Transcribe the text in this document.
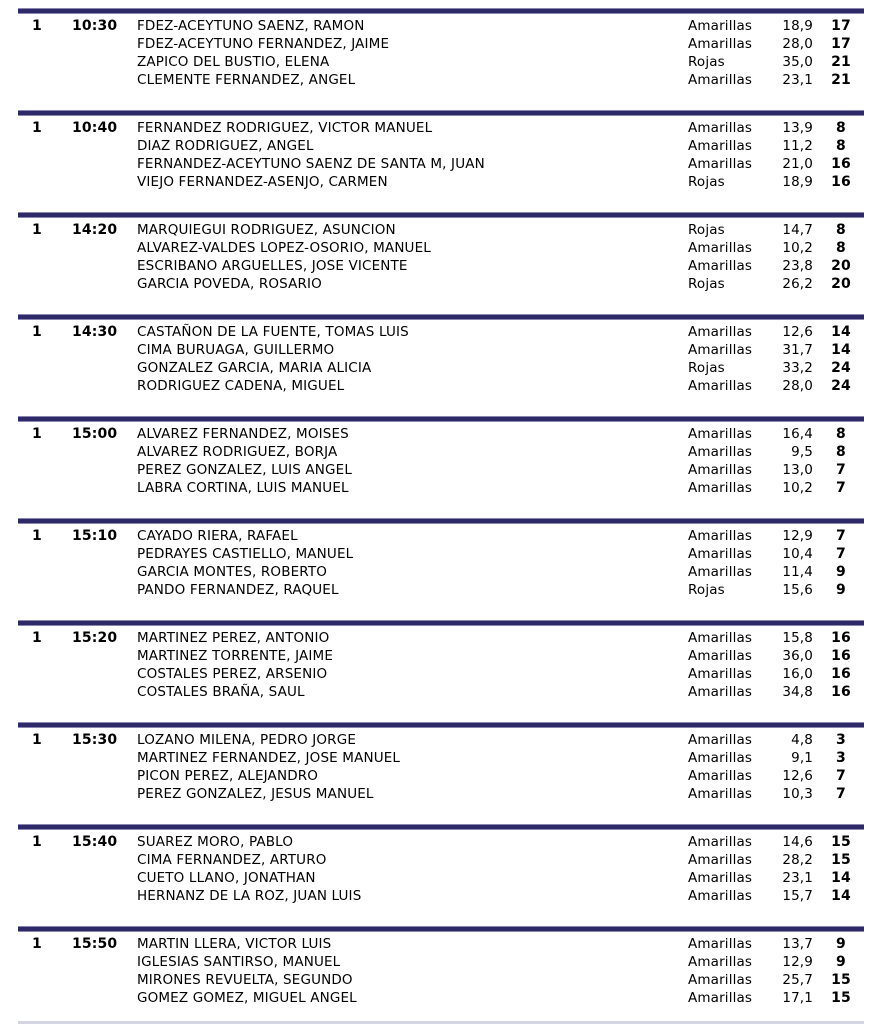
1	10:30	FDEZ-ACEYTUNO SAENZ, RAMON	Amarillas	18,9	17
FDEZ-ACEYTUNO FERNANDEZ, JAIME	Amarillas	28,0	17
ZAPICO DEL BUSTIO, ELENA	Rojas	35,0	21
CLEMENTE FERNANDEZ, ANGEL	Amarillas	23,1	21
1	10:40	FERNANDEZ RODRIGUEZ, VICTOR MANUEL	Amarillas	13,9	8
DIAZ RODRIGUEZ, ANGEL	Amarillas	11,2	8
FERNANDEZ-ACEYTUNO SAENZ DE SANTA M, JUAN	Amarillas	21,0	16
VIEJO FERNANDEZ-ASENJO, CARMEN	Rojas	18,9	16
1	14:20	MARQUIEGUI RODRIGUEZ, ASUNCION	Rojas	14,7	8
ALVAREZ-VALDES LOPEZ-OSORIO, MANUEL	Amarillas	10,2	8
ESCRIBANO ARGUELLES, JOSE VICENTE	Amarillas	23,8	20
GARCIA POVEDA, ROSARIO	Rojas	26,2	20
1	14:30	CASTAÑON DE LA FUENTE, TOMAS LUIS	Amarillas	12,6	14
CIMA BURUAGA, GUILLERMO	Amarillas	31,7	14
GONZALEZ GARCIA, MARIA ALICIA	Rojas	33,2	24
RODRIGUEZ CADENA, MIGUEL	Amarillas	28,0	24
1	15:00	ALVAREZ FERNANDEZ, MOISES	Amarillas	16,4	8
ALVAREZ RODRIGUEZ, BORJA	Amarillas	9,5	8
PEREZ GONZALEZ, LUIS ANGEL	Amarillas	13,0	7
LABRA CORTINA, LUIS MANUEL	Amarillas	10,2	7
1	15:10	CAYADO RIERA, RAFAEL	Amarillas	12,9	7
PEDRAYES CASTIELLO, MANUEL	Amarillas	10,4	7
GARCIA MONTES, ROBERTO	Amarillas	11,4	9
PANDO FERNANDEZ, RAQUEL	Rojas	15,6	9
1	15:20	MARTINEZ PEREZ, ANTONIO	Amarillas	15,8	16
MARTINEZ TORRENTE, JAIME	Amarillas	36,0	16
COSTALES PEREZ, ARSENIO	Amarillas	16,0	16
COSTALES BRAÑA, SAUL	Amarillas	34,8	16
1	15:30	LOZANO MILENA, PEDRO JORGE	Amarillas	4,8	3
MARTINEZ FERNANDEZ, JOSE MANUEL	Amarillas	9,1	3
PICON PEREZ, ALEJANDRO	Amarillas	12,6	7
PEREZ GONZALEZ, JESUS MANUEL	Amarillas	10,3	7
1	15:40	SUAREZ MORO, PABLO	Amarillas	14,6	15
CIMA FERNANDEZ, ARTURO	Amarillas	28,2	15
CUETO LLANO, JONATHAN	Amarillas	23,1	14
HERNANZ DE LA ROZ, JUAN LUIS	Amarillas	15,7	14
1	15:50	MARTIN LLERA, VICTOR LUIS	Amarillas	13,7	9
IGLESIAS SANTIRSO, MANUEL	Amarillas	12,9	9
MIRONES REVUELTA, SEGUNDO	Amarillas	25,7	15
GOMEZ GOMEZ, MIGUEL ANGEL	Amarillas	17,1	15
